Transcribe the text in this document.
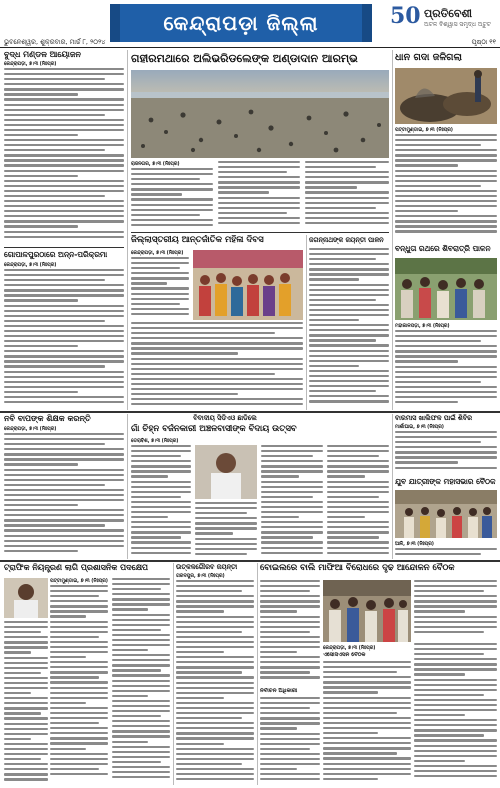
କେନ୍ଦ୍ରାପଡ଼ା ଜିଲ୍ଲା	50 ପ୍ରତିବେଶୀ
ଅଟଳ ବିଶ୍ୱାସ ସମୃଦ୍ଧ ଅଟୁଟ
ଭୁବନେଶ୍ୱର, ଶୁକ୍ରବାର, ମାର୍ଚ୍ଚ ୮, ୨୦୨୪	ପୃଷ୍ଠା ୧୧
ବୁଦ୍ଧ ମଣ୍ଡଳ ଆୟୋଜନ
କେନ୍ଦ୍ରାପଡ଼ା, ୭।୩ (ନିଃପ୍ର)
ଗୋପାଳପୁରଠାରେ ଅନ୍ନ-ପରିକ୍ରମା
କେନ୍ଦ୍ରାପଡ଼ା, ୭।୩ (ନିଃପ୍ର)
ଗହୀରମଥାରେ ଅଲିଭରିଡଲେଙ୍କ ଅଣ୍ଡାଦାନ ଆରମ୍ଭ
ରାଜନଗର, ୭।୩ (ନିଃପ୍ର)
ଧାନ ଗଦା ଜଳିଗଲା
ପଟ୍ଟାମୁଣ୍ଡାଇ, ୭।୩ (ନିଃପ୍ର)
ଜିଲ୍ଲାସ୍ତରୀୟ ଆନ୍ତର୍ଜାତିକ ମହିଳା ଦିବସ
କେନ୍ଦ୍ରାପଡ଼ା, ୭।୩ (ନିଃପ୍ର)
ଜଗନ୍ନାଥଙ୍କ ଜୟନ୍ତୀ ପାଳନ
ବନ୍ଧୁତା ରଥରେ ଶିବରାତ୍ରି ପାଳନ
ମହାକାଳପଡ଼ା, ୭।୩ (ନିଃପ୍ର)
ନବି ବାପଙ୍କ ଶିକ୍ଷକ କରନ୍ତି
କେନ୍ଦ୍ରାପଡ଼ା, ୭।୩ (ନିଃପ୍ର)
ବିବାଦୀୟ ସିଡିଏଓ ଛାଡିଲେ
ଗାଁ ଚିହ୍ନ ବର୍ଜନକାରୀ ଅଞ୍ଚଳବାସୀଙ୍କ ବିଦାୟ ଉତ୍ସବ
ଡେରାବିଶ, ୭।୩ (ନିଃପ୍ର)
ବାରମାସ ଖାଲିଫଳ ପାଇଁ ଶିବିର
ମାର୍ଶାଘାଇ, ୭।୩ (ନିଃପ୍ର)
ଯୁବ ଯାତ୍ରୀଙ୍କ ମହାସଭାର ବୈଠକ
ଆଳି, ୭।୩ (ନିଃପ୍ର)
ଟ୍ରାଫିକ ନିୟନ୍ତ୍ରଣ ଲାଗି ପ୍ରଶାସନିକ ପଦକ୍ଷେପ
ପଟ୍ଟାମୁଣ୍ଡାଇ, ୭।୩ (ନିଃପ୍ର)
ଉତ୍କଳଗୌରବ ଜୟନ୍ତୀ
ଗରଦପୁର, ୭।୩ (ନିଃପ୍ର)
ବୋଇଲରେ ବାଲି ମାଫିଆ ବିରୋଧରେ ଦୃଢ ଆନ୍ଦୋଳନ ବୈଠକ
କେନ୍ଦ୍ରାପଡ଼ା, ୭।୩ (ନିଃପ୍ର)
ନିର୍ବାଚନ ଅଧିକାରୀ
ଏସୋସିଏସନ ବୈଠକ
